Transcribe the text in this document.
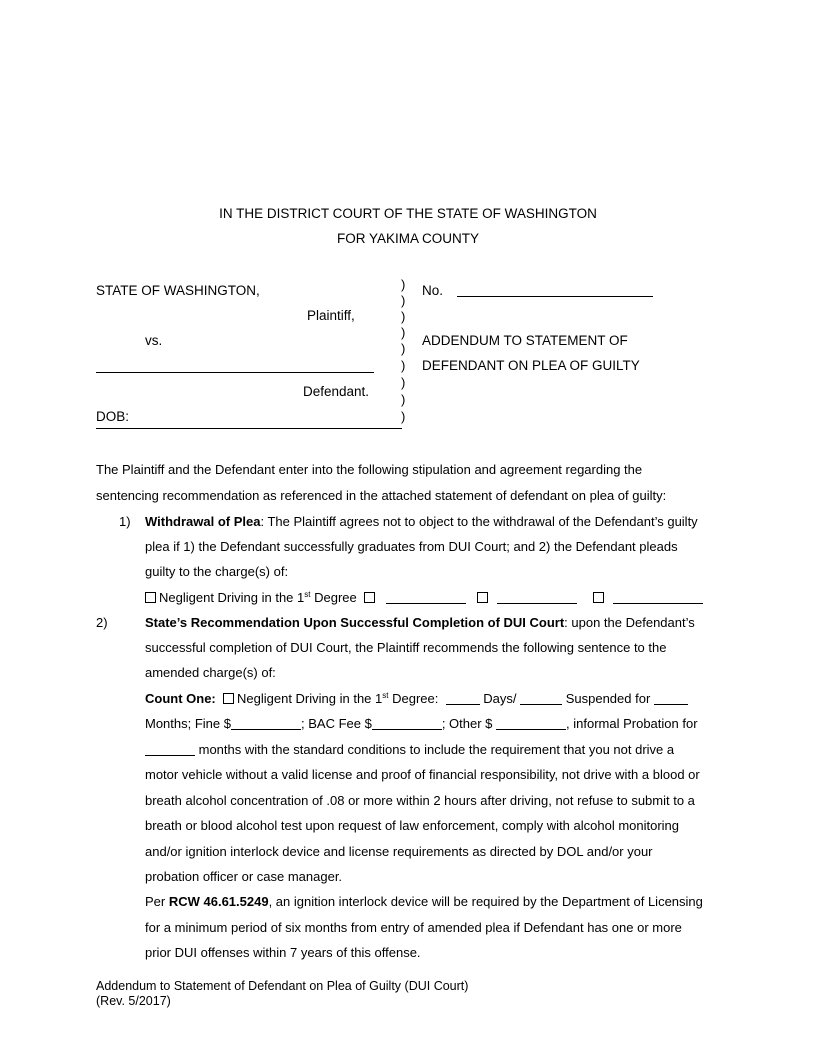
IN THE DISTRICT COURT OF THE STATE OF WASHINGTON
FOR YAKIMA COUNTY
STATE OF WASHINGTON,
Plaintiff,
vs.
Defendant.
DOB:
)
)
)
)
)
)
)
)
)
No.
ADDENDUM TO STATEMENT OF
DEFENDANT ON PLEA OF GUILTY
The Plaintiff and the Defendant enter into the following stipulation and agreement regarding the
sentencing recommendation as referenced in the attached statement of defendant on plea of guilty:
1) Withdrawal of Plea: The Plaintiff agrees not to object to the withdrawal of the Defendant’s guilty
plea if 1) the Defendant successfully graduates from DUI Court; and 2) the Defendant pleads
guilty to the charge(s) of:
Negligent Driving in the 1st Degree
2)	State’s Recommendation Upon Successful Completion of DUI Court: upon the Defendant’s
successful completion of DUI Court, the Plaintiff recommends the following sentence to the
amended charge(s) of:
Count One: Negligent Driving in the 1st Degree:	Days/	Suspended for
Months; Fine $	; BAC Fee $	; Other $	, informal Probation for
months with the standard conditions to include the requirement that you not drive a
motor vehicle without a valid license and proof of financial responsibility, not drive with a blood or
breath alcohol concentration of .08 or more within 2 hours after driving, not refuse to submit to a
breath or blood alcohol test upon request of law enforcement, comply with alcohol monitoring
and/or ignition interlock device and license requirements as directed by DOL and/or your
probation officer or case manager.
Per RCW 46.61.5249, an ignition interlock device will be required by the Department of Licensing
for a minimum period of six months from entry of amended plea if Defendant has one or more
prior DUI offenses within 7 years of this offense.
Addendum to Statement of Defendant on Plea of Guilty (DUI Court)
(Rev. 5/2017)
